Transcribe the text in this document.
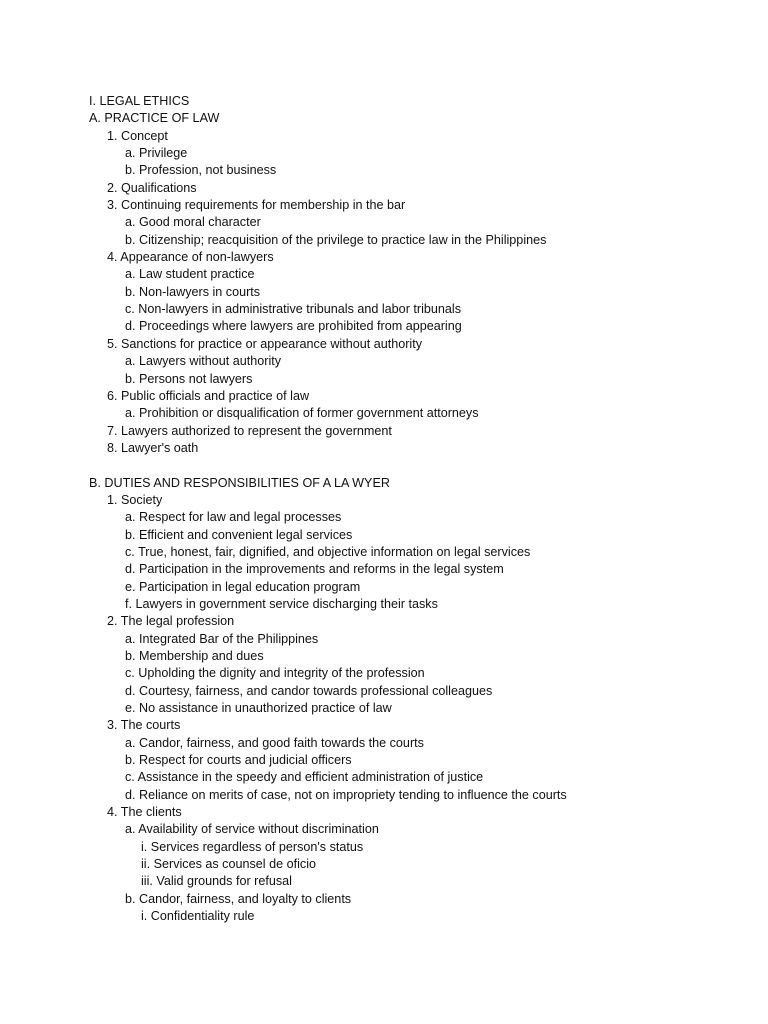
I. LEGAL ETHICS
A. PRACTICE OF LAW
1. Concept
a. Privilege
b. Profession, not business
2. Qualifications
3. Continuing requirements for membership in the bar
a. Good moral character
b. Citizenship; reacquisition of the privilege to practice law in the Philippines
4. Appearance of non-lawyers
a. Law student practice
b. Non-lawyers in courts
c. Non-lawyers in administrative tribunals and labor tribunals
d. Proceedings where lawyers are prohibited from appearing
5. Sanctions for practice or appearance without authority
a. Lawyers without authority
b. Persons not lawyers
6. Public officials and practice of law
a. Prohibition or disqualification of former government attorneys
7. Lawyers authorized to represent the government
8. Lawyer's oath
B. DUTIES AND RESPONSIBILITIES OF A LA WYER
1. Society
a. Respect for law and legal processes
b. Efficient and convenient legal services
c. True, honest, fair, dignified, and objective information on legal services
d. Participation in the improvements and reforms in the legal system
e. Participation in legal education program
f. Lawyers in government service discharging their tasks
2. The legal profession
a. Integrated Bar of the Philippines
b. Membership and dues
c. Upholding the dignity and integrity of the profession
d. Courtesy, fairness, and candor towards professional colleagues
e. No assistance in unauthorized practice of law
3. The courts
a. Candor, fairness, and good faith towards the courts
b. Respect for courts and judicial officers
c. Assistance in the speedy and efficient administration of justice
d. Reliance on merits of case, not on impropriety tending to influence the courts
4. The clients
a. Availability of service without discrimination
i. Services regardless of person's status
ii. Services as counsel de oficio
iii. Valid grounds for refusal
b. Candor, fairness, and loyalty to clients
i. Confidentiality rule
